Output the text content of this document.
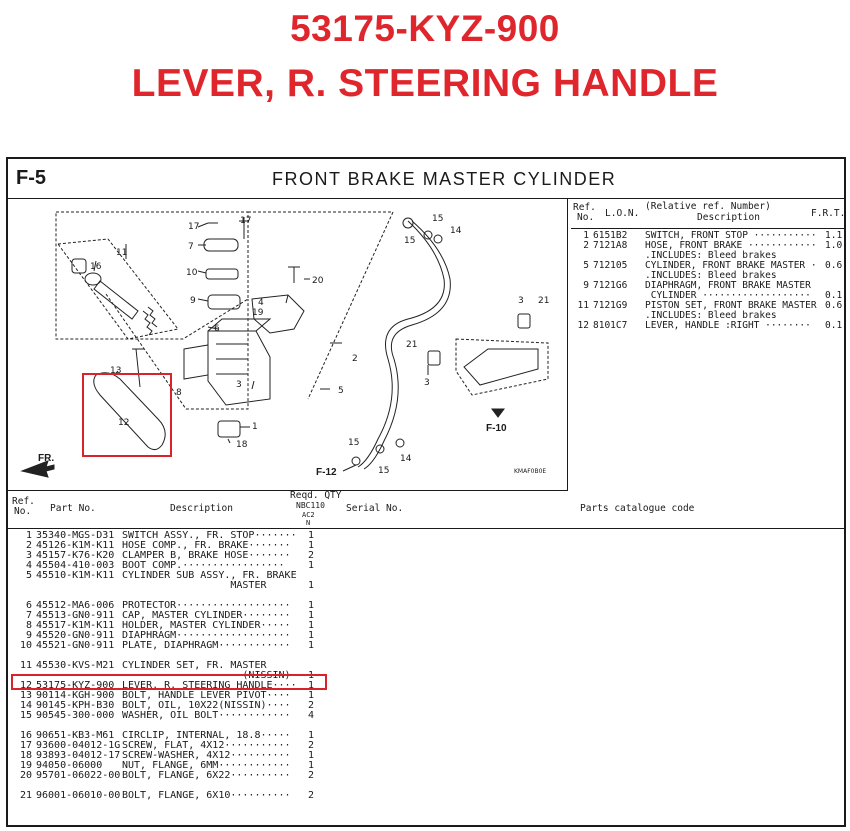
53175-KYZ-900
LEVER, R. STEERING HANDLE
F-5	FRONT BRAKE MASTER CYLINDER
17
17
7
10
9
6
11
16
13
12
8
20
2
5
3
1
18
4
19
15
15
14
21
3
21
3
15
15
14
F-10
F-12
FR.
KMAF0B0E
Ref.
No. L.O.N.
(Relative ref. Number)
Description	F.R.T.
1 6151B2 SWITCH, FRONT STOP ··········· 1.1
2 7121A8 HOSE, FRONT BRAKE ············ 1.0
.INCLUDES: Bleed brakes
5 712105 CYLINDER, FRONT BRAKE MASTER · 0.6
.INCLUDES: Bleed brakes
9 7121G6 DIAPHRAGM, FRONT BRAKE MASTER
CYLINDER ··················· 0.1
11 7121G9 PISTON SET, FRONT BRAKE MASTER 0.6
.INCLUDES: Bleed brakes
12 8101C7 LEVER, HANDLE :RIGHT ········ 0.1
Ref.
No. Part No.	Description
Reqd. QTY
NBC110
AC2
N
Serial No.	Parts catalogue code
1 35340-MGS-D31 SWITCH ASSY., FR. STOP······· 1
2 45126-K1M-K11 HOSE COMP., FR. BRAKE······· 1
3 45157-K76-K20 CLAMPER B, BRAKE HOSE······· 2
4 45504-410-003 BOOT COMP.················· 1
5 45510-K1M-K11 CYLINDER SUB ASSY., FR. BRAKE
MASTER	1
6 45512-MA6-006 PROTECTOR··················· 1
7 45513-GN0-911 CAP, MASTER CYLINDER········ 1
8 45517-K1M-K11 HOLDER, MASTER CYLINDER····· 1
9 45520-GN0-911 DIAPHRAGM··················· 1
10 45521-GN0-911 PLATE, DIAPHRAGM············ 1
11 45530-KVS-M21 CYLINDER SET, FR. MASTER
(NISSIN) 1
12 53175-KYZ-900 LEVER, R. STEERING HANDLE···· 1
13 90114-KGH-900 BOLT, HANDLE LEVER PIVOT···· 1
14 90145-KPH-B30 BOLT, OIL, 10X22(NISSIN)···· 2
15 90545-300-000 WASHER, OIL BOLT············ 4
16 90651-KB3-M61 CIRCLIP, INTERNAL, 18.8····· 1
17 93600-04012-1G SCREW, FLAT, 4X12··········· 2
18 93893-04012-17 SCREW-WASHER, 4X12·········· 1
19 94050-06000 NUT, FLANGE, 6MM············ 1
20 95701-06022-00 BOLT, FLANGE, 6X22·········· 2
21 96001-06010-00 BOLT, FLANGE, 6X10·········· 2
